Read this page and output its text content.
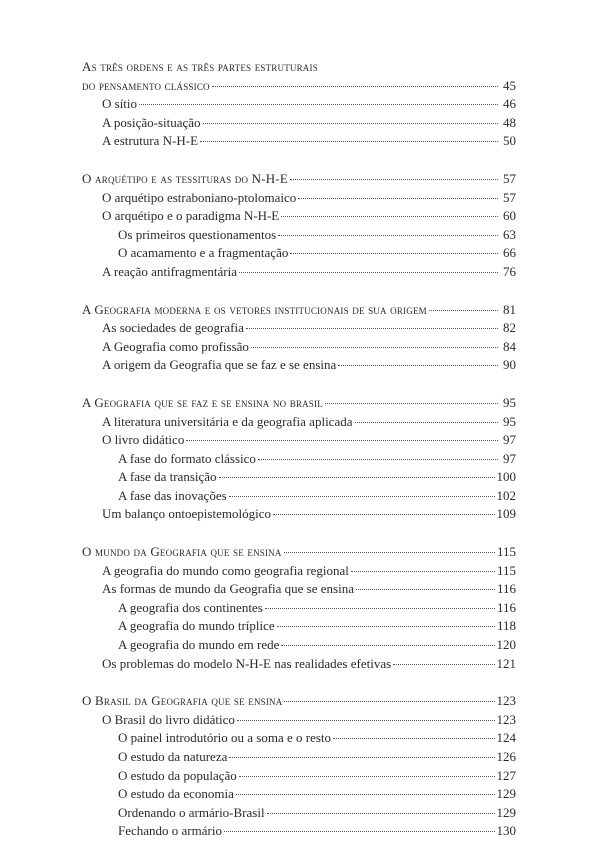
As três ordens e as três partes estruturais
do pensamento clássico	45
O sítio	46
A posição-situação	48
A estrutura N-H-E	50
O arquétipo e as tessituras do N-H-E	57
O arquétipo estraboniano-ptolomaico	57
O arquétipo e o paradigma N-H-E	60
Os primeiros questionamentos	63
O acamamento e a fragmentação	66
A reação antifragmentária	76
A Geografia moderna e os vetores institucionais de sua origem	81
As sociedades de geografia	82
A Geografia como profissão	84
A origem da Geografia que se faz e se ensina	90
A Geografia que se faz e se ensina no brasil	95
A literatura universitária e da geografia aplicada	95
O livro didático	97
A fase do formato clássico	97
A fase da transição	100
A fase das inovações	102
Um balanço ontoepistemológico	109
O mundo da Geografia que se ensina	115
A geografia do mundo como geografia regional	115
As formas de mundo da Geografia que se ensina	116
A geografia dos continentes	116
A geografia do mundo tríplice	118
A geografia do mundo em rede	120
Os problemas do modelo N-H-E nas realidades efetivas	121
O Brasil da Geografia que se ensina	123
O Brasil do livro didático	123
O painel introdutório ou a soma e o resto	124
O estudo da natureza	126
O estudo da população	127
O estudo da economia	129
Ordenando o armário-Brasil	129
Fechando o armário	130
